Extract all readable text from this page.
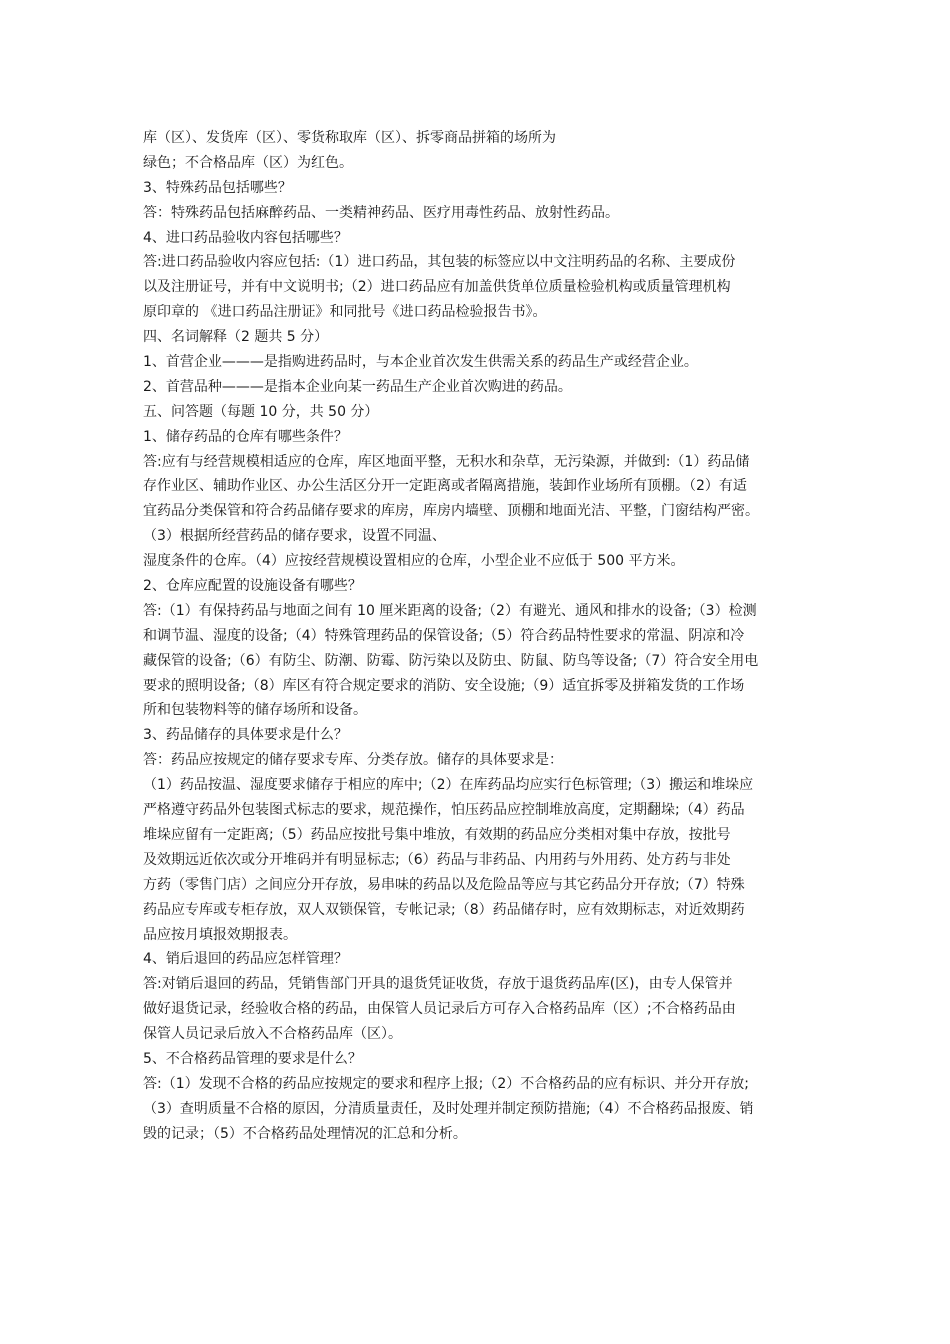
库（区）、发货库（区）、零货称取库（区）、拆零商品拼箱的场所为
绿色；不合格品库（区）为红色。
3、特殊药品包括哪些？
答：特殊药品包括麻醉药品、一类精神药品、医疗用毒性药品、放射性药品。
4、进口药品验收内容包括哪些？
答:进口药品验收内容应包括:（1）进口药品，其包装的标签应以中文注明药品的名称、主要成份
以及注册证号，并有中文说明书;（2）进口药品应有加盖供货单位质量检验机构或质量管理机构
原印章的 《进口药品注册证》和同批号《进口药品检验报告书》。
四、名词解释（2 题共 5 分）
1、首营企业———是指购进药品时，与本企业首次发生供需关系的药品生产或经营企业。
2、首营品种———是指本企业向某一药品生产企业首次购进的药品。
五、问答题（每题 10 分，共 50 分）
1、储存药品的仓库有哪些条件？
答:应有与经营规模相适应的仓库，库区地面平整，无积水和杂草，无污染源，并做到:（1）药品储
存作业区、辅助作业区、办公生活区分开一定距离或者隔离措施，装卸作业场所有顶棚。（2）有适
宜药品分类保管和符合药品储存要求的库房，库房内墙壁、顶棚和地面光洁、平整，门窗结构严密。
（3）根据所经营药品的储存要求，设置不同温、
湿度条件的仓库。（4）应按经营规模设置相应的仓库，小型企业不应低于 500 平方米。
2、仓库应配置的设施设备有哪些？
答:（1）有保持药品与地面之间有 10 厘米距离的设备;（2）有避光、通风和排水的设备;（3）检测
和调节温、湿度的设备;（4）特殊管理药品的保管设备;（5）符合药品特性要求的常温、阴凉和冷
藏保管的设备;（6）有防尘、防潮、防霉、防污染以及防虫、防鼠、防鸟等设备;（7）符合安全用电
要求的照明设备;（8）库区有符合规定要求的消防、安全设施;（9）适宜拆零及拼箱发货的工作场
所和包装物料等的储存场所和设备。
3、药品储存的具体要求是什么？
答：药品应按规定的储存要求专库、分类存放。储存的具体要求是：
（1）药品按温、湿度要求储存于相应的库中;（2）在库药品均应实行色标管理;（3）搬运和堆垛应
严格遵守药品外包装图式标志的要求，规范操作，怕压药品应控制堆放高度，定期翻垛;（4）药品
堆垛应留有一定距离;（5）药品应按批号集中堆放，有效期的药品应分类相对集中存放，按批号
及效期远近依次或分开堆码并有明显标志;（6）药品与非药品、内用药与外用药、处方药与非处
方药（零售门店）之间应分开存放，易串味的药品以及危险品等应与其它药品分开存放;（7）特殊
药品应专库或专柜存放，双人双锁保管，专帐记录;（8）药品储存时，应有效期标志，对近效期药
品应按月填报效期报表。
4、销后退回的药品应怎样管理？
答:对销后退回的药品，凭销售部门开具的退货凭证收货，存放于退货药品库(区)，由专人保管并
做好退货记录，经验收合格的药品，由保管人员记录后方可存入合格药品库（区）;不合格药品由
保管人员记录后放入不合格药品库（区）。
5、不合格药品管理的要求是什么？
答:（1）发现不合格的药品应按规定的要求和程序上报;（2）不合格药品的应有标识、并分开存放;
（3）查明质量不合格的原因，分清质量责任，及时处理并制定预防措施;（4）不合格药品报废、销
毁的记录；（5）不合格药品处理情况的汇总和分析。
